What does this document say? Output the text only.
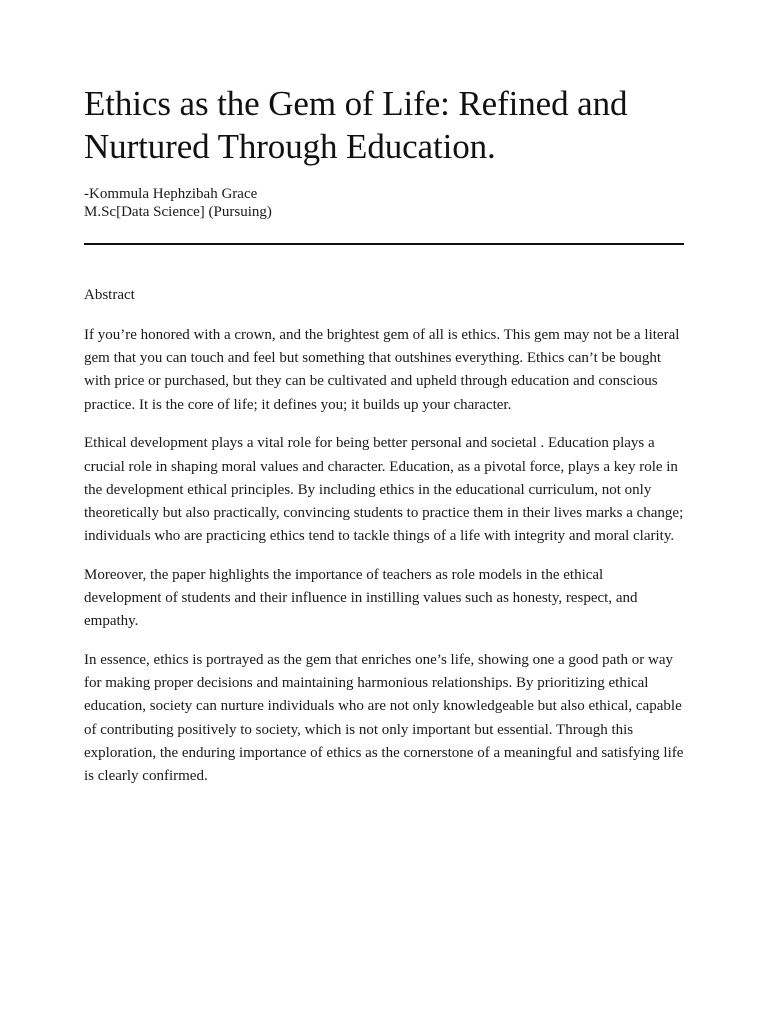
Ethics as the Gem of Life: Refined and
Nurtured Through Education.
-Kommula Hephzibah Grace
M.Sc[Data Science] (Pursuing)
Abstract

If you’re honored with a crown, and the brightest gem of all is ethics. This gem may not be a literal gem that you can touch and feel but something that outshines everything. Ethics can’t be bought with price or purchased, but they can be cultivated and upheld through education and conscious practice. It is the core of life; it defines you; it builds up your character.

Ethical development plays a vital role for being better personal and societal . Education plays a crucial role in shaping moral values and character. Education, as a pivotal force, plays a key role in the development ethical principles. By including ethics in the educational curriculum, not only theoretically but also practically, convincing students to practice them in their lives marks a change; individuals who are practicing ethics tend to tackle things of a life with integrity and moral clarity.

Moreover, the paper highlights the importance of teachers as role models in the ethical development of students and their influence in instilling values such as honesty, respect, and empathy.

In essence, ethics is portrayed as the gem that enriches one’s life, showing one a good path or way for making proper decisions and maintaining harmonious relationships. By prioritizing ethical education, society can nurture individuals who are not only knowledgeable but also ethical, capable of contributing positively to society, which is not only important but essential. Through this exploration, the enduring importance of ethics as the cornerstone of a meaningful and satisfying life is clearly confirmed.
